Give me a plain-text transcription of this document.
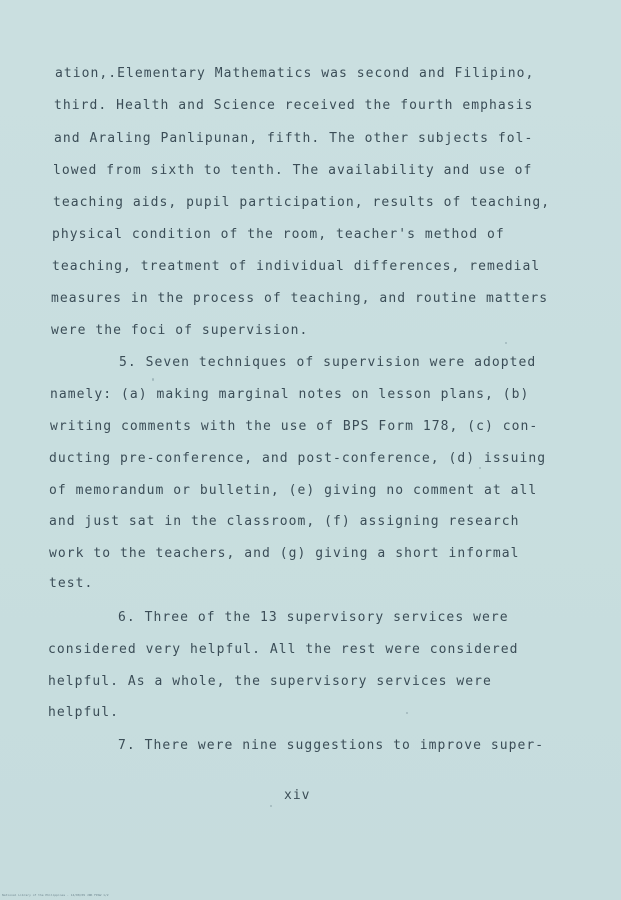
ation,.Elementary Mathematics was second and Filipino,
third. Health and Science received the fourth emphasis
and Araling Panlipunan, fifth. The other subjects fol-
lowed from sixth to tenth. The availability and use of
teaching aids, pupil participation, results of teaching,
physical condition of the room, teacher's method of
teaching, treatment of individual differences, remedial
measures in the process of teaching, and routine matters
were the foci of supervision.
5. Seven techniques of supervision were adopted
namely: (a) making marginal notes on lesson plans, (b)
writing comments with the use of BPS Form 178, (c) con-
ducting pre-conference, and post-conference, (d) issuing
of memorandum or bulletin, (e) giving no comment at all
and just sat in the classroom, (f) assigning research
work to the teachers, and (g) giving a short informal
test.
6. Three of the 13 supervisory services were
considered very helpful. All the rest were considered
helpful. As a whole, the supervisory services were
helpful.
7. There were nine suggestions to improve super-
xiv
National Library of the Philippines · 14/08/09 JRR FPAW 1/2
